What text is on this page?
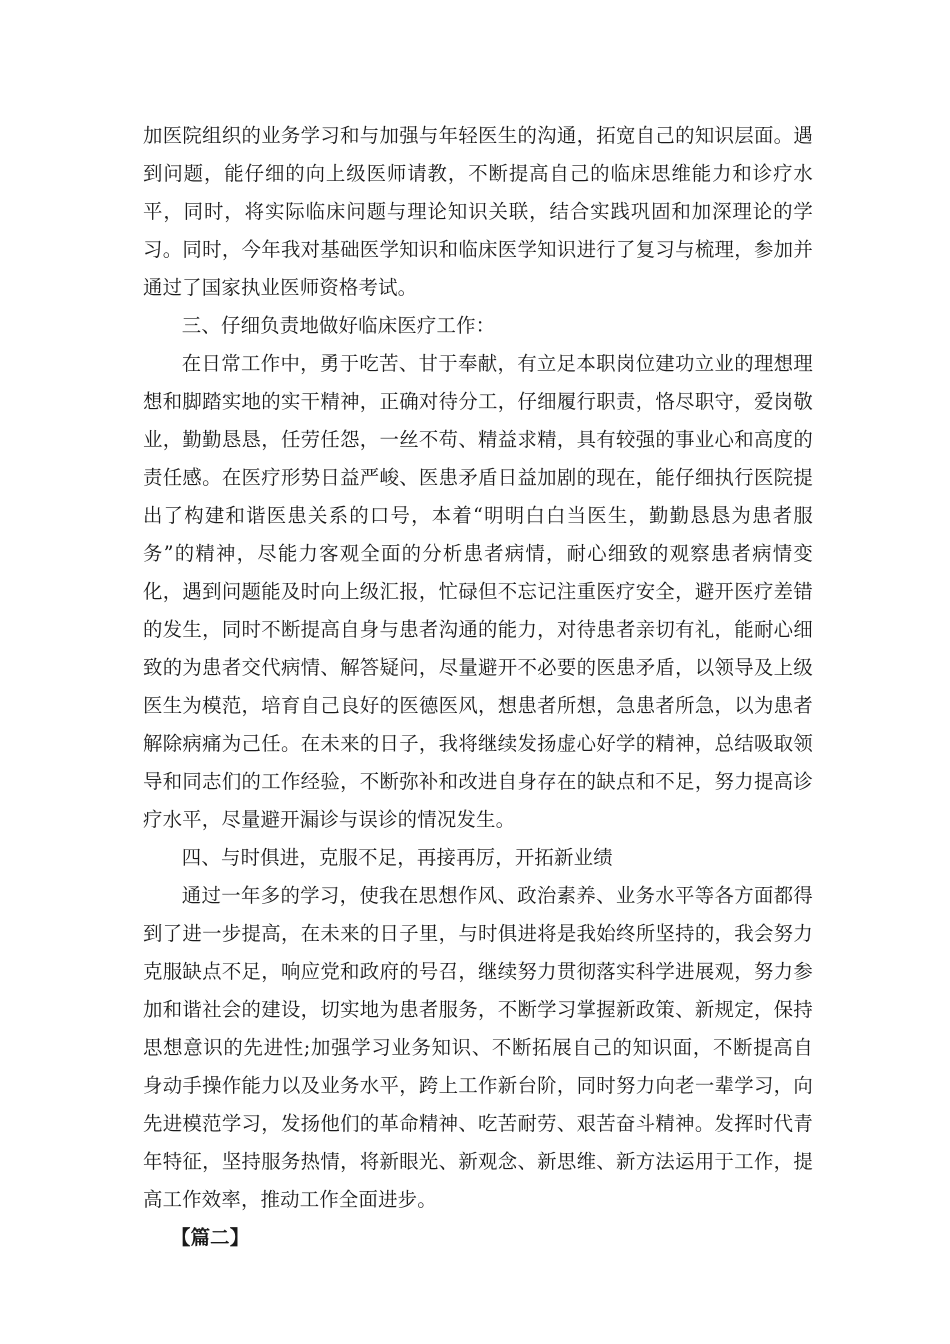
加医院组织的业务学习和与加强与年轻医生的沟通，拓宽自己的知识层面。遇到问题，能仔细的向上级医师请教，不断提高自己的临床思维能力和诊疗水平，同时，将实际临床问题与理论知识关联，结合实践巩固和加深理论的学习。同时，今年我对基础医学知识和临床医学知识进行了复习与梳理，参加并通过了国家执业医师资格考试。

三、仔细负责地做好临床医疗工作：

在日常工作中，勇于吃苦、甘于奉献，有立足本职岗位建功立业的理想理想和脚踏实地的实干精神，正确对待分工，仔细履行职责，恪尽职守，爱岗敬业，勤勤恳恳，任劳任怨，一丝不苟、精益求精，具有较强的事业心和高度的责任感。在医疗形势日益严峻、医患矛盾日益加剧的现在，能仔细执行医院提出了构建和谐医患关系的口号，本着“明明白白当医生，勤勤恳恳为患者服务”的精神，尽能力客观全面的分析患者病情，耐心细致的观察患者病情变化，遇到问题能及时向上级汇报，忙碌但不忘记注重医疗安全，避开医疗差错的发生，同时不断提高自身与患者沟通的能力，对待患者亲切有礼，能耐心细致的为患者交代病情、解答疑问，尽量避开不必要的医患矛盾，以领导及上级医生为模范，培育自己良好的医德医风，想患者所想，急患者所急，以为患者解除病痛为己任。在未来的日子，我将继续发扬虚心好学的精神，总结吸取领导和同志们的工作经验，不断弥补和改进自身存在的缺点和不足，努力提高诊疗水平，尽量避开漏诊与误诊的情况发生。

四、与时俱进，克服不足，再接再厉，开拓新业绩

通过一年多的学习，使我在思想作风、政治素养、业务水平等各方面都得到了进一步提高，在未来的日子里，与时俱进将是我始终所坚持的，我会努力克服缺点不足，响应党和政府的号召，继续努力贯彻落实科学进展观，努力参加和谐社会的建设，切实地为患者服务，不断学习掌握新政策、新规定，保持思想意识的先进性;加强学习业务知识、不断拓展自己的知识面，不断提高自身动手操作能力以及业务水平，跨上工作新台阶，同时努力向老一辈学习，向先进模范学习，发扬他们的革命精神、吃苦耐劳、艰苦奋斗精神。发挥时代青年特征，坚持服务热情，将新眼光、新观念、新思维、新方法运用于工作，提高工作效率，推动工作全面进步。

【篇二】
